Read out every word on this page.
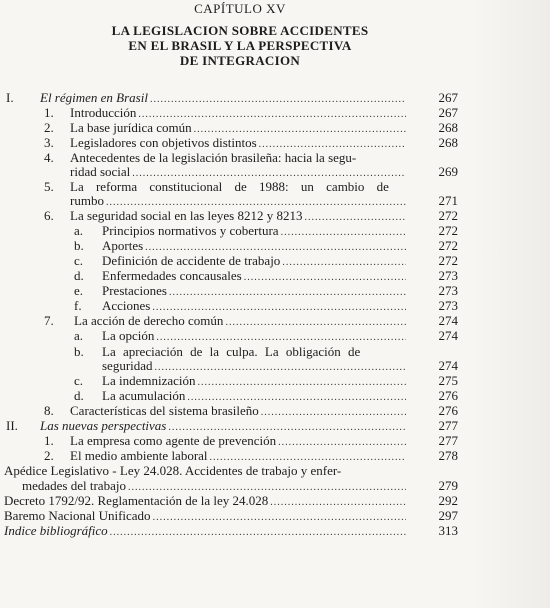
CAPÍTULO XV
LA LEGISLACION SOBRE ACCIDENTES
EN EL BRASIL Y LA PERSPECTIVA
DE INTEGRACION
I. El régimen en Brasil .....	267
1. Introducción .....	267
2. La base jurídica común .....	268
3. Legisladores con objetivos distintos .....	268
4. Antecedentes de la legislación brasileña: hacia la segu-
ridad social .....	269
5. La reforma constitucional de 1988: un cambio de
rumbo .....	271
6. La seguridad social en las leyes 8212 y 8213 .....	272
a. Principios normativos y cobertura .....	272
b. Aportes .....	272
c. Definición de accidente de trabajo .....	272
d. Enfermedades concausales .....	273
e. Prestaciones .....	273
f. Acciones .....	273
7. La acción de derecho común .....	274
a. La opción .....	274
b. La apreciación de la culpa. La obligación de
seguridad .....	274
c. La indemnización .....	275
d. La acumulación .....	276
8. Características del sistema brasileño .....	276
II. Las nuevas perspectivas .....	277
1. La empresa como agente de prevención .....	277
2. El medio ambiente laboral .....	278
Apédice Legislativo - Ley 24.028. Accidentes de trabajo y enfer-
medades del trabajo .....	279
Decreto 1792/92. Reglamentación de la ley 24.028 .....	292
Baremo Nacional Unificado .....	297
Indice bibliográfico .....	313
